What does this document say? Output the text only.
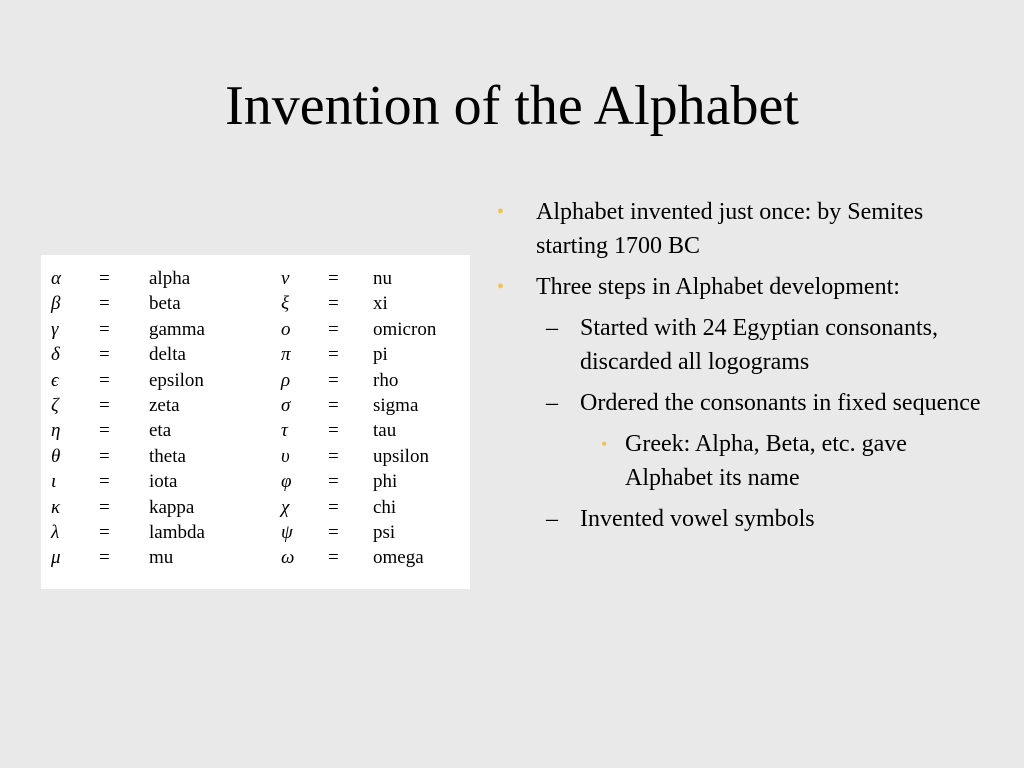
Invention of the Alphabet
α = alpha
β = beta
γ = gamma
δ = delta
ϵ = epsilon
ζ = zeta
η = eta
θ = theta
ι = iota
κ = kappa
λ = lambda
μ = mu
ν = nu
ξ = xi
ο = omicron
π = pi
ρ = rho
σ = sigma
τ = tau
υ = upsilon
φ = phi
χ = chi
ψ = psi
ω = omega
• Alphabet invented just once: by Semites starting 1700 BC
• Three steps in Alphabet development:
– Started with 24 Egyptian consonants, discarded all logograms
– Ordered the consonants in fixed sequence
• Greek: Alpha, Beta, etc. gave Alphabet its name
– Invented vowel symbols
